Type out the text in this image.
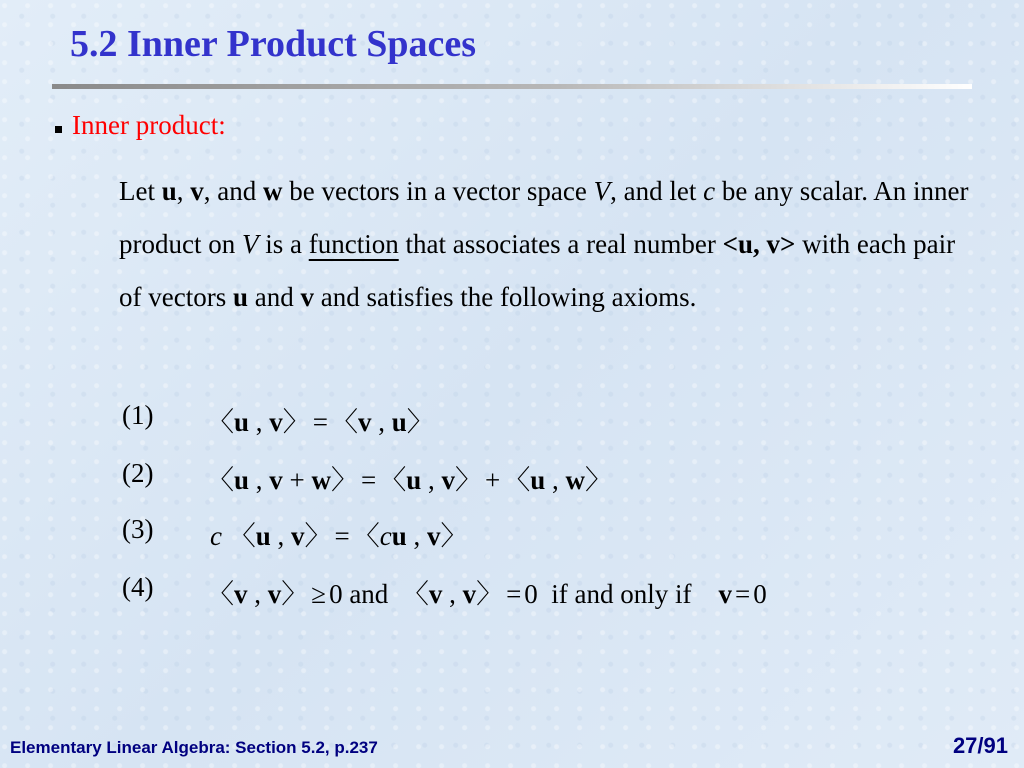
5.2 Inner Product Spaces
Inner product:
Let u, v, and w be vectors in a vector space V, and let c be any scalar. An inner product on V is a function that associates a real number <u, v> with each pair of vectors u and v and satisfies the following axioms.
(1)
(2)
(3)
(4)
〈u , v〉 = 〈v , u〉
〈u , v + w〉 = 〈u , v〉 + 〈u , w〉
c 〈u , v〉 = 〈cu , v〉
〈v , v〉 ≥ 0 and  〈v , v〉 = 0  if and only if v = 0
Elementary Linear Algebra: Section 5.2, p.237	27/91
